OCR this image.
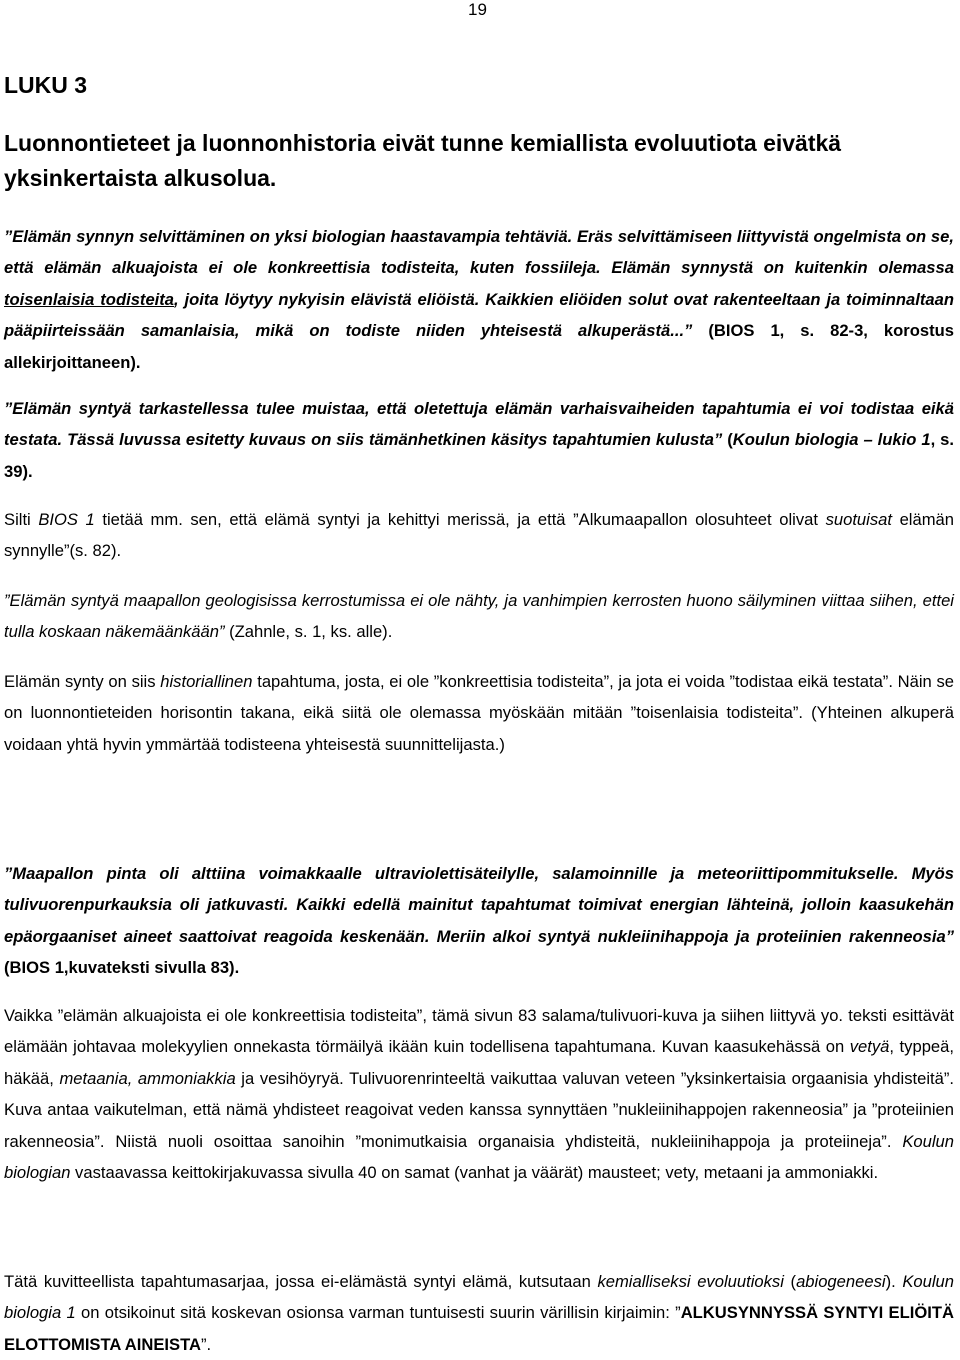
19
LUKU 3
Luonnontieteet ja luonnonhistoria eivät tunne kemiallista evoluutiota eivätkä yksinkertaista alkusolua.

”Elämän synnyn selvittäminen on yksi biologian haastavampia tehtäviä. Eräs selvittämiseen liittyvistä ongelmista on se, että elämän alkuajoista ei ole konkreettisia todisteita, kuten fossiileja. Elämän synnystä on kuitenkin olemassa toisenlaisia todisteita, joita löytyy nykyisin elävistä eliöistä. Kaikkien eliöiden solut ovat rakenteeltaan ja toiminnaltaan pääpiirteissään samanlaisia, mikä on todiste niiden yhteisestä alkuperästä...” (BIOS 1, s. 82-3, korostus allekirjoittaneen).

”Elämän syntyä tarkastellessa tulee muistaa, että oletettuja elämän varhaisvaiheiden tapahtumia ei voi todistaa eikä testata. Tässä luvussa esitetty kuvaus on siis tämänhetkinen käsitys tapahtumien kulusta” (Koulun biologia – lukio 1, s. 39).

Silti BIOS 1 tietää mm. sen, että elämä syntyi ja kehittyi merissä, ja että ”Alkumaapallon olosuhteet olivat suotuisat elämän synnylle”(s. 82).

”Elämän syntyä maapallon geologisissa kerrostumissa ei ole nähty, ja vanhimpien kerrosten huono säilyminen viittaa siihen, ettei tulla koskaan näkemäänkään” (Zahnle, s. 1, ks. alle).

Elämän synty on siis historiallinen tapahtuma, josta, ei ole ”konkreettisia todisteita”, ja jota ei voida ”todistaa eikä testata”. Näin se on luonnontieteiden horisontin takana, eikä siitä ole olemassa myöskään mitään ”toisenlaisia todisteita”. (Yhteinen alkuperä voidaan yhtä hyvin ymmärtää todisteena yhteisestä suunnittelijasta.)

”Maapallon pinta oli alttiina voimakkaalle ultraviolettisäteilylle, salamoinnille ja meteoriittipommitukselle. Myös tulivuorenpurkauksia oli jatkuvasti. Kaikki edellä mainitut tapahtumat toimivat energian lähteinä, jolloin kaasukehän epäorgaaniset aineet saattoivat reagoida keskenään. Meriin alkoi syntyä nukleiinihappoja ja proteiinien rakenneosia” (BIOS 1,kuvateksti sivulla 83).

Vaikka ”elämän alkuajoista ei ole konkreettisia todisteita”, tämä sivun 83 salama/tulivuori-kuva ja siihen liittyvä yo. teksti esittävät elämään johtavaa molekyylien onnekasta törmäilyä ikään kuin todellisena tapahtumana. Kuvan kaasukehässä on vetyä, typpeä, häkää, metaania, ammoniakkia ja vesihöyryä. Tulivuorenrinteeltä vaikuttaa valuvan veteen ”yksinkertaisia orgaanisia yhdisteitä”. Kuva antaa vaikutelman, että nämä yhdisteet reagoivat veden kanssa synnyttäen ”nukleiinihappojen rakenneosia” ja ”proteiinien rakenneosia”. Niistä nuoli osoittaa sanoihin ”monimutkaisia organaisia yhdisteitä, nukleiinihappoja ja proteiineja”. Koulun biologian vastaavassa keittokirjakuvassa sivulla 40 on samat (vanhat ja väärät) mausteet; vety, metaani ja ammoniakki.

Tätä kuvitteellista tapahtumasarjaa, jossa ei-elämästä syntyi elämä, kutsutaan kemialliseksi evoluutioksi (abiogeneesi). Koulun biologia 1 on otsikoinut sitä koskevan osionsa varman tuntuisesti suurin värillisin kirjaimin: ”ALKUSYNNYSSÄ SYNTYI ELIÖITÄ ELOTTOMISTA AINEISTA”.
